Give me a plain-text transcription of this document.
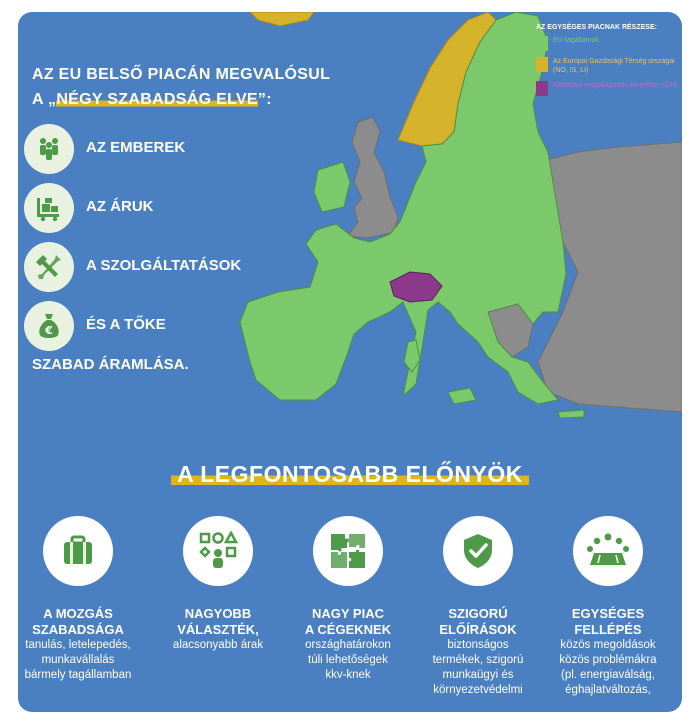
AZ EGYSÉGES PIACNAK RÉSZESE:
EU-tagállamok
Az Európai Gazdasági Térség országai (NO, IS, LI)
Kétoldalú megállapodás keretében (CH)
AZ EU BELSŐ PIACÁN MEGVALÓSUL
A „NÉGY SZABADSÁG ELVE”:
AZ EMBEREK
AZ ÁRUK
A SZOLGÁLTATÁSOK
€ ÉS A TŐKE
SZABAD ÁRAMLÁSA.
A LEGFONTOSABB ELŐNYÖK
A MOZGÁS
SZABADSÁGA
tanulás, letelepedés,
munkavállalás
bármely tagállamban
NAGYOBB
VÁLASZTÉK,
alacsonyabb árak
NAGY PIAC
A CÉGEKNEK
országhatárokon
túli lehetőségek
kkv-knek
SZIGORÚ
ELŐÍRÁSOK
biztonságos
termékek, szigorú
munkaügyi és
környezetvédelmi
EGYSÉGES
FELLÉPÉS
közös megoldások
közös problémákra
(pl. energiaválság,
éghajlatváltozás,
